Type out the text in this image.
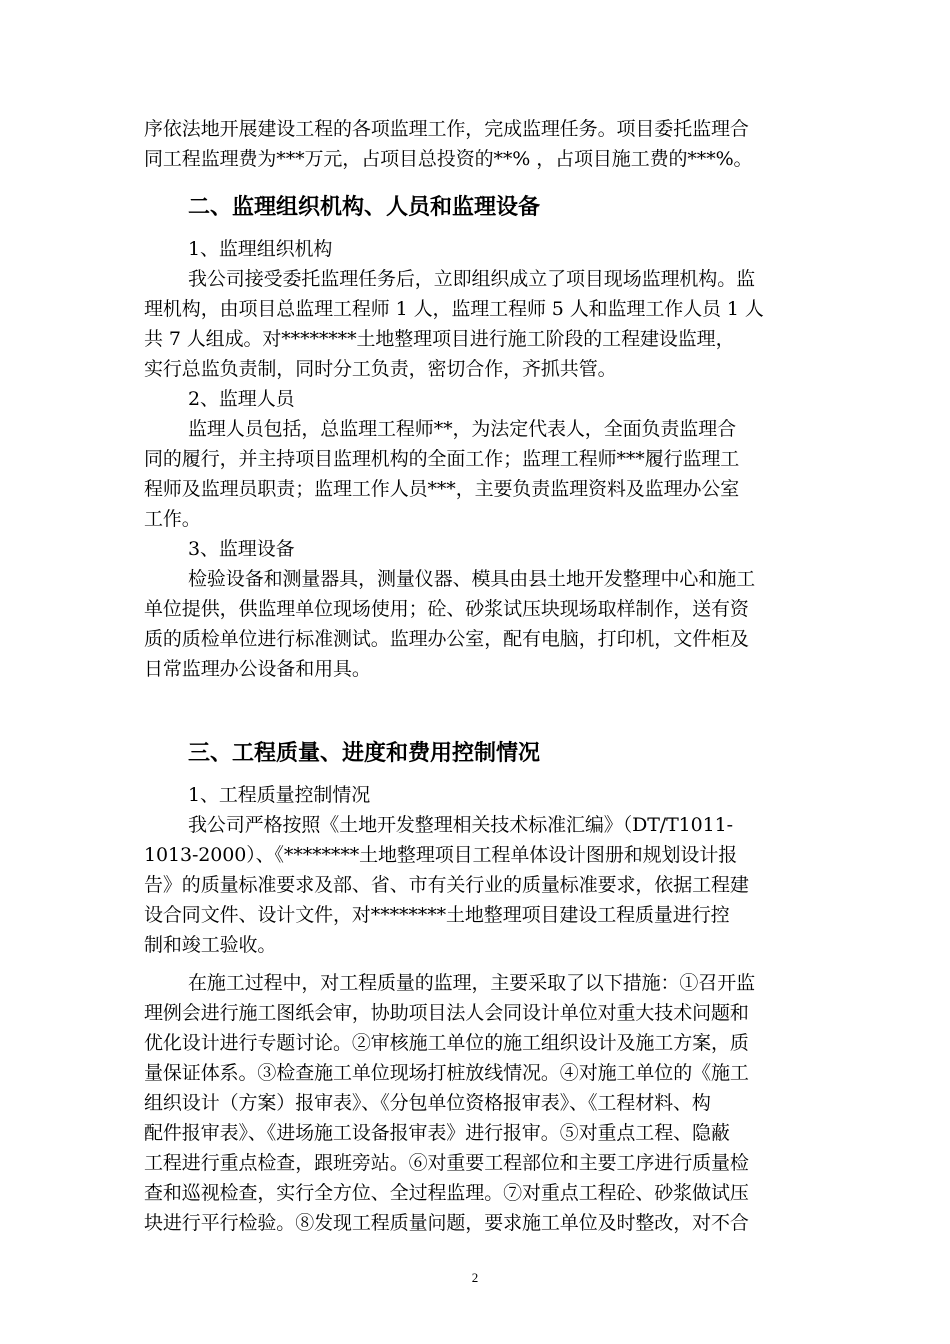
序依法地开展建设工程的各项监理工作，完成监理任务。项目委托监理合
同工程监理费为***万元，占项目总投资的**% ，占项目施工费的***%。
二、监理组织机构、人员和监理设备
1、监理组织机构
我公司接受委托监理任务后，立即组织成立了项目现场监理机构。监
理机构，由项目总监理工程师 1 人，监理工程师 5 人和监理工作人员 1 人
共 7 人组成。对********土地整理项目进行施工阶段的工程建设监理，
实行总监负责制，同时分工负责，密切合作，齐抓共管。
2、监理人员
监理人员包括，总监理工程师**，为法定代表人，全面负责监理合
同的履行，并主持项目监理机构的全面工作；监理工程师***履行监理工
程师及监理员职责；监理工作人员***，主要负责监理资料及监理办公室
工作。
3、监理设备
检验设备和测量器具，测量仪器、模具由县土地开发整理中心和施工
单位提供，供监理单位现场使用；砼、砂浆试压块现场取样制作，送有资
质的质检单位进行标准测试。监理办公室，配有电脑，打印机，文件柜及
日常监理办公设备和用具。
三、工程质量、进度和费用控制情况
1、工程质量控制情况
我公司严格按照《土地开发整理相关技术标准汇编》（DT/T1011-
1013-2000）、《********土地整理项目工程单体设计图册和规划设计报
告》的质量标准要求及部、省、市有关行业的质量标准要求，依据工程建
设合同文件、设计文件，对********土地整理项目建设工程质量进行控
制和竣工验收。
在施工过程中，对工程质量的监理，主要采取了以下措施：①召开监
理例会进行施工图纸会审，协助项目法人会同设计单位对重大技术问题和
优化设计进行专题讨论。②审核施工单位的施工组织设计及施工方案，质
量保证体系。③检查施工单位现场打桩放线情况。④对施工单位的《施工
组织设计（方案）报审表》、《分包单位资格报审表》、《工程材料、构
配件报审表》、《进场施工设备报审表》进行报审。⑤对重点工程、隐蔽
工程进行重点检查，跟班旁站。⑥对重要工程部位和主要工序进行质量检
查和巡视检查，实行全方位、全过程监理。⑦对重点工程砼、砂浆做试压
块进行平行检验。⑧发现工程质量问题，要求施工单位及时整改，对不合
2
